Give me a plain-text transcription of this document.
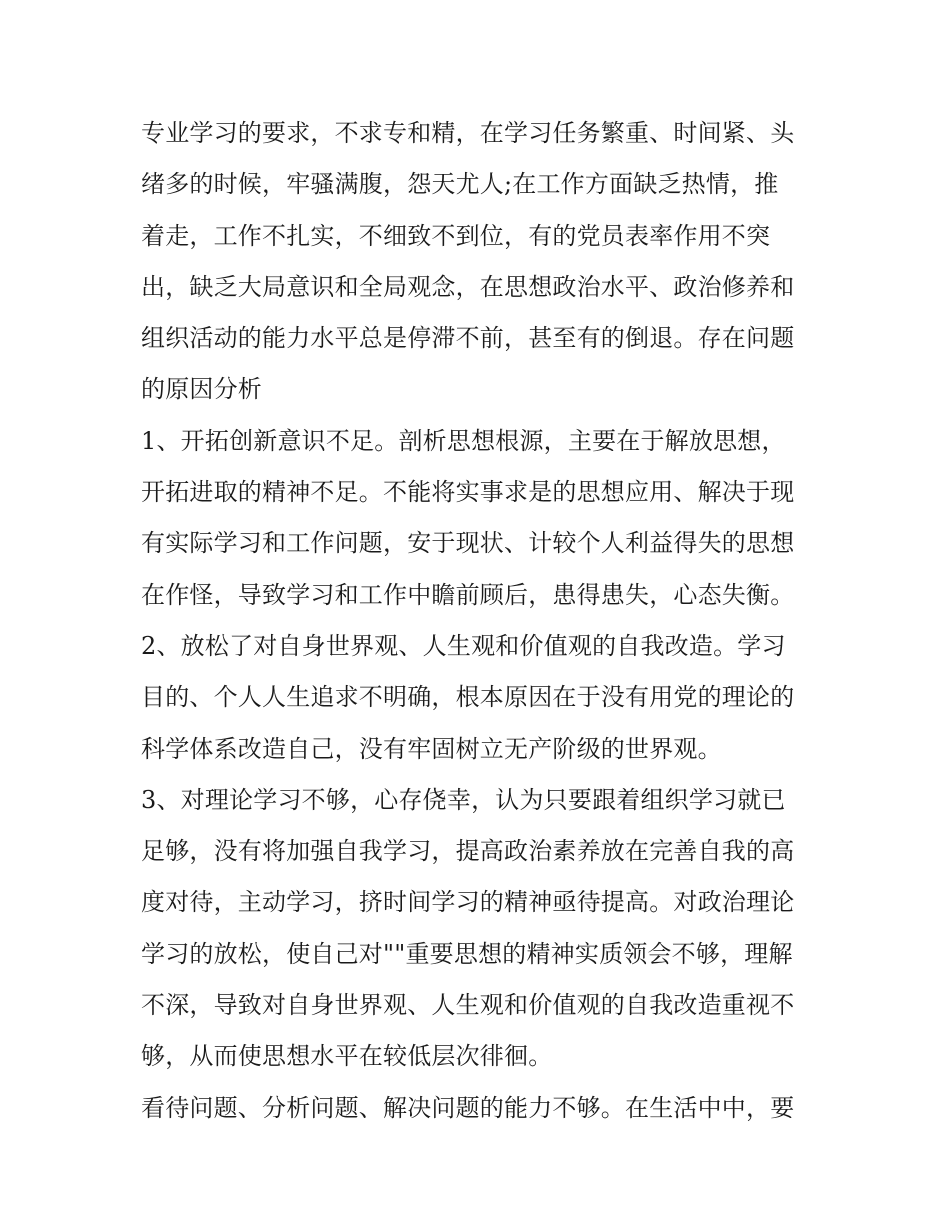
专业学习的要求，不求专和精，在学习任务繁重、时间紧、头
绪多的时候，牢骚满腹，怨天尤人;在工作方面缺乏热情，推
着走，工作不扎实，不细致不到位，有的党员表率作用不突
出，缺乏大局意识和全局观念，在思想政治水平、政治修养和
组织活动的能力水平总是停滞不前，甚至有的倒退。存在问题
的原因分析
1、开拓创新意识不足。剖析思想根源，主要在于解放思想，
开拓进取的精神不足。不能将实事求是的思想应用、解决于现
有实际学习和工作问题，安于现状、计较个人利益得失的思想
在作怪，导致学习和工作中瞻前顾后，患得患失，心态失衡。
2、放松了对自身世界观、人生观和价值观的自我改造。学习
目的、个人人生追求不明确，根本原因在于没有用党的理论的
科学体系改造自己，没有牢固树立无产阶级的世界观。
3、对理论学习不够，心存侥幸，认为只要跟着组织学习就已
足够，没有将加强自我学习，提高政治素养放在完善自我的高
度对待，主动学习，挤时间学习的精神亟待提高。对政治理论
学习的放松，使自己对""重要思想的精神实质领会不够，理解
不深，导致对自身世界观、人生观和价值观的自我改造重视不
够，从而使思想水平在较低层次徘徊。
看待问题、分析问题、解决问题的能力不够。在生活中中，要
